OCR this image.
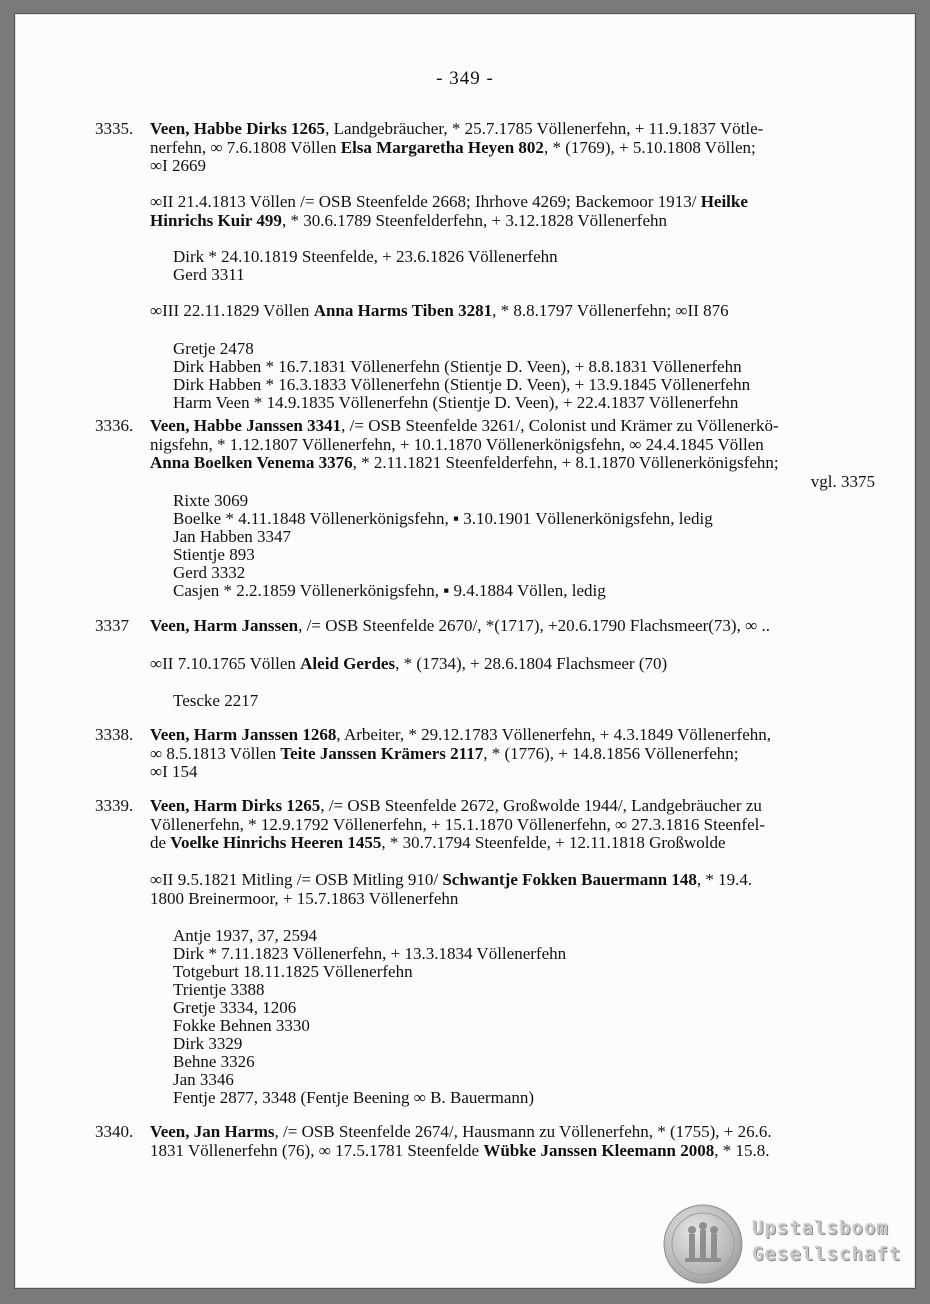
- 349 -
3335. Veen, Habbe Dirks 1265, Landgebräucher, * 25.7.1785 Völlenerfehn, + 11.9.1837 Vötle-
nerfehn, ∞ 7.6.1808 Völlen Elsa Margaretha Heyen 802, * (1769), + 5.10.1808 Völlen;
∞I 2669
∞II 21.4.1813 Völlen /= OSB Steenfelde 2668; Ihrhove 4269; Backemoor 1913/ Heilke
Hinrichs Kuir 499, * 30.6.1789 Steenfelderfehn, + 3.12.1828 Völlenerfehn
Dirk * 24.10.1819 Steenfelde, + 23.6.1826 Völlenerfehn
Gerd 3311
∞III 22.11.1829 Völlen Anna Harms Tiben 3281, * 8.8.1797 Völlenerfehn; ∞II 876
Gretje 2478
Dirk Habben * 16.7.1831 Völlenerfehn (Stientje D. Veen), + 8.8.1831 Völlenerfehn
Dirk Habben * 16.3.1833 Völlenerfehn (Stientje D. Veen), + 13.9.1845 Völlenerfehn
Harm Veen * 14.9.1835 Völlenerfehn (Stientje D. Veen), + 22.4.1837 Völlenerfehn
3336. Veen, Habbe Janssen 3341, /= OSB Steenfelde 3261/, Colonist und Krämer zu Völlenerkö-
nigsfehn, * 1.12.1807 Völlenerfehn, + 10.1.1870 Völlenerkönigsfehn, ∞ 24.4.1845 Völlen
Anna Boelken Venema 3376, * 2.11.1821 Steenfelderfehn, + 8.1.1870 Völlenerkönigsfehn;
vgl. 3375
Rixte 3069
Boelke * 4.11.1848 Völlenerkönigsfehn, ▪ 3.10.1901 Völlenerkönigsfehn, ledig
Jan Habben 3347
Stientje 893
Gerd 3332
Casjen * 2.2.1859 Völlenerkönigsfehn, ▪ 9.4.1884 Völlen, ledig
3337 Veen, Harm Janssen, /= OSB Steenfelde 2670/, *(1717), +20.6.1790 Flachsmeer(73), ∞ ..
∞II 7.10.1765 Völlen Aleid Gerdes, * (1734), + 28.6.1804 Flachsmeer (70)
Tescke 2217
3338. Veen, Harm Janssen 1268, Arbeiter, * 29.12.1783 Völlenerfehn, + 4.3.1849 Völlenerfehn,
∞ 8.5.1813 Völlen Teite Janssen Krämers 2117, * (1776), + 14.8.1856 Völlenerfehn;
∞I 154
3339. Veen, Harm Dirks 1265, /= OSB Steenfelde 2672, Großwolde 1944/, Landgebräucher zu
Völlenerfehn, * 12.9.1792 Völlenerfehn, + 15.1.1870 Völlenerfehn, ∞ 27.3.1816 Steenfel-
de Voelke Hinrichs Heeren 1455, * 30.7.1794 Steenfelde, + 12.11.1818 Großwolde
∞II 9.5.1821 Mitling /= OSB Mitling 910/ Schwantje Fokken Bauermann 148, * 19.4.
1800 Breinermoor, + 15.7.1863 Völlenerfehn
Antje 1937, 37, 2594
Dirk * 7.11.1823 Völlenerfehn, + 13.3.1834 Völlenerfehn
Totgeburt 18.11.1825 Völlenerfehn
Trientje 3388
Gretje 3334, 1206
Fokke Behnen 3330
Dirk 3329
Behne 3326
Jan 3346
Fentje 2877, 3348 (Fentje Beening ∞ B. Bauermann)
3340. Veen, Jan Harms, /= OSB Steenfelde 2674/, Hausmann zu Völlenerfehn, * (1755), + 26.6.
1831 Völlenerfehn (76), ∞ 17.5.1781 Steenfelde Wübke Janssen Kleemann 2008, * 15.8.
Upstalsboom
Gesellschaft
